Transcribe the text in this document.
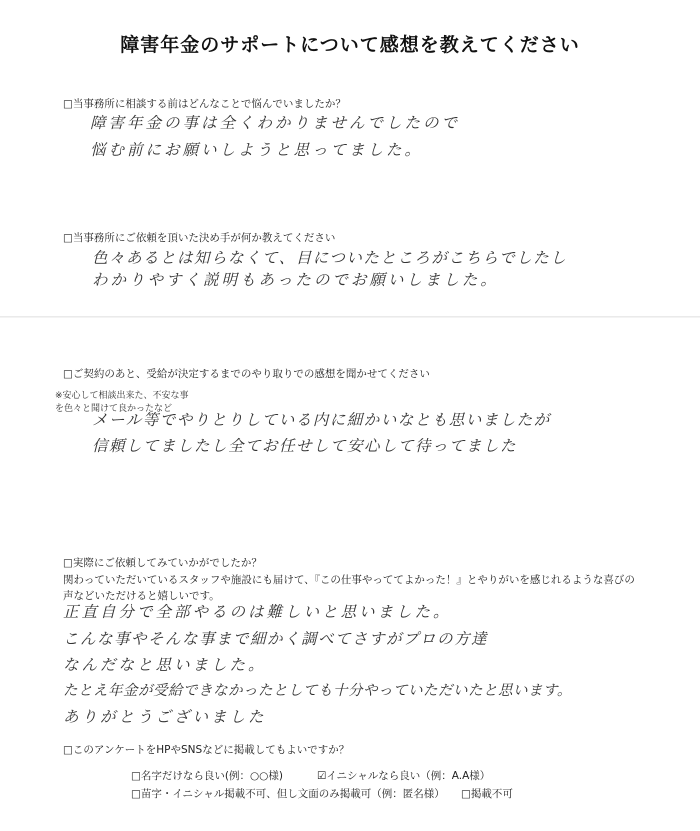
障害年金のサポートについて感想を教えてください
□当事務所に相談する前はどんなことで悩んでいましたか？
障害年金の事は全くわかりませんでしたので
悩む前にお願いしようと思ってました。
□当事務所にご依頼を頂いた決め手が何か教えてください
色々あるとは知らなくて、目についたところがこちらでしたし
わかりやすく説明もあったのでお願いしました。
□ご契約のあと、受給が決定するまでのやり取りでの感想を聞かせてください
※安心して相談出来た、不安な事を色々と聞けて良かったなど
メール等でやりとりしている内に細かいなとも思いましたが
信頼してましたし全てお任せして安心して待ってました
□実際にご依頼してみていかがでしたか？
関わっていただいているスタッフや施設にも届けて、『この仕事やっててよかった！』とやりがいを感じれるような喜びの声などいただけると嬉しいです。
正直自分で全部やるのは難しいと思いました。
こんな事やそんな事まで細かく調べてさすがプロの方達
なんだなと思いました。
たとえ年金が受給できなかったとしても十分やっていただいたと思います。
ありがとうございました
□このアンケートをHPやSNSなどに掲載してもよいですか？
□名字だけなら良い(例：○○様)	☑イニシャルなら良い（例：A.A様）
□苗字・イニシャル掲載不可、但し文面のみ掲載可（例：匿名様） □掲載不可
